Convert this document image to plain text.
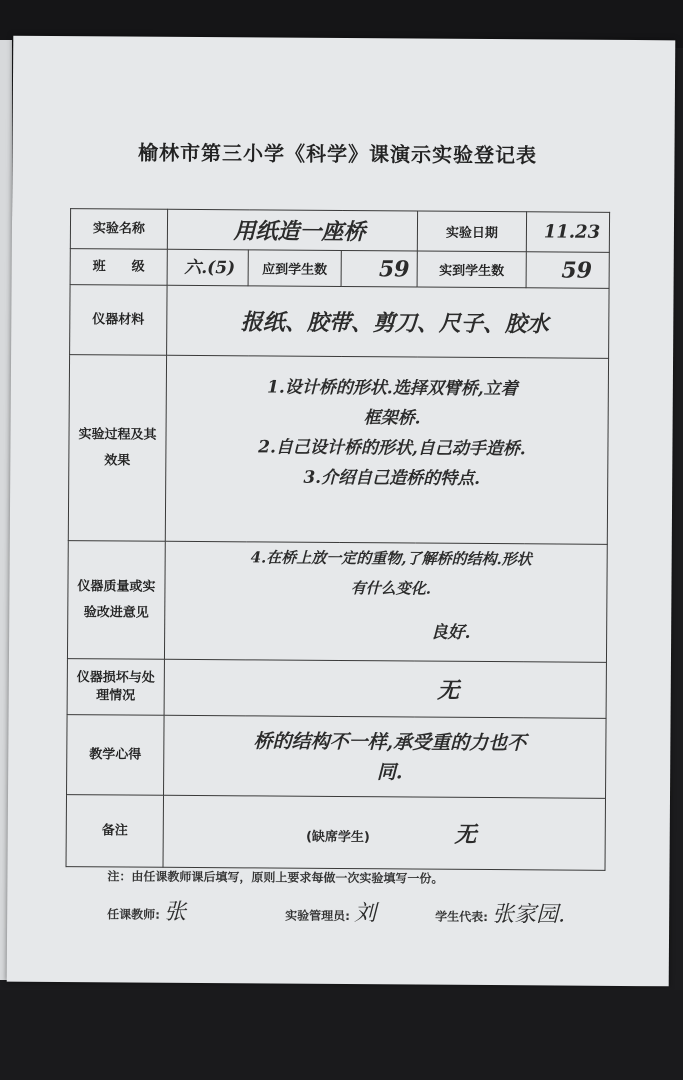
榆林市第三小学《科学》课演示实验登记表
实验名称	用纸造一座桥			实验日期	11.23
班　　级	六.(5)	应到学生数	59	实到学生数	59
仪器材料	报纸、胶带、剪刀、尺子、胶水				
实验过程及其效果	1.设计桥的形状.选择双臂桥,立着
框架桥.
2.自己设计桥的形状,自己动手造桥.
3.介绍自己造桥的特点.				

仪器质量或实验改进意见	4.在桥上放一定的重物,了解桥的结构.形状
有什么变化.
良好.				

仪器损坏与处理情况	无				
教学心得	桥的结构不一样,承受重的力也不
同.				

备注	(缺席学生) 无				
注：由任课教师课后填写，原则上要求每做一次实验填写一份。
任课教师: 张	实验管理员: 刘	学生代表: 张家园.
